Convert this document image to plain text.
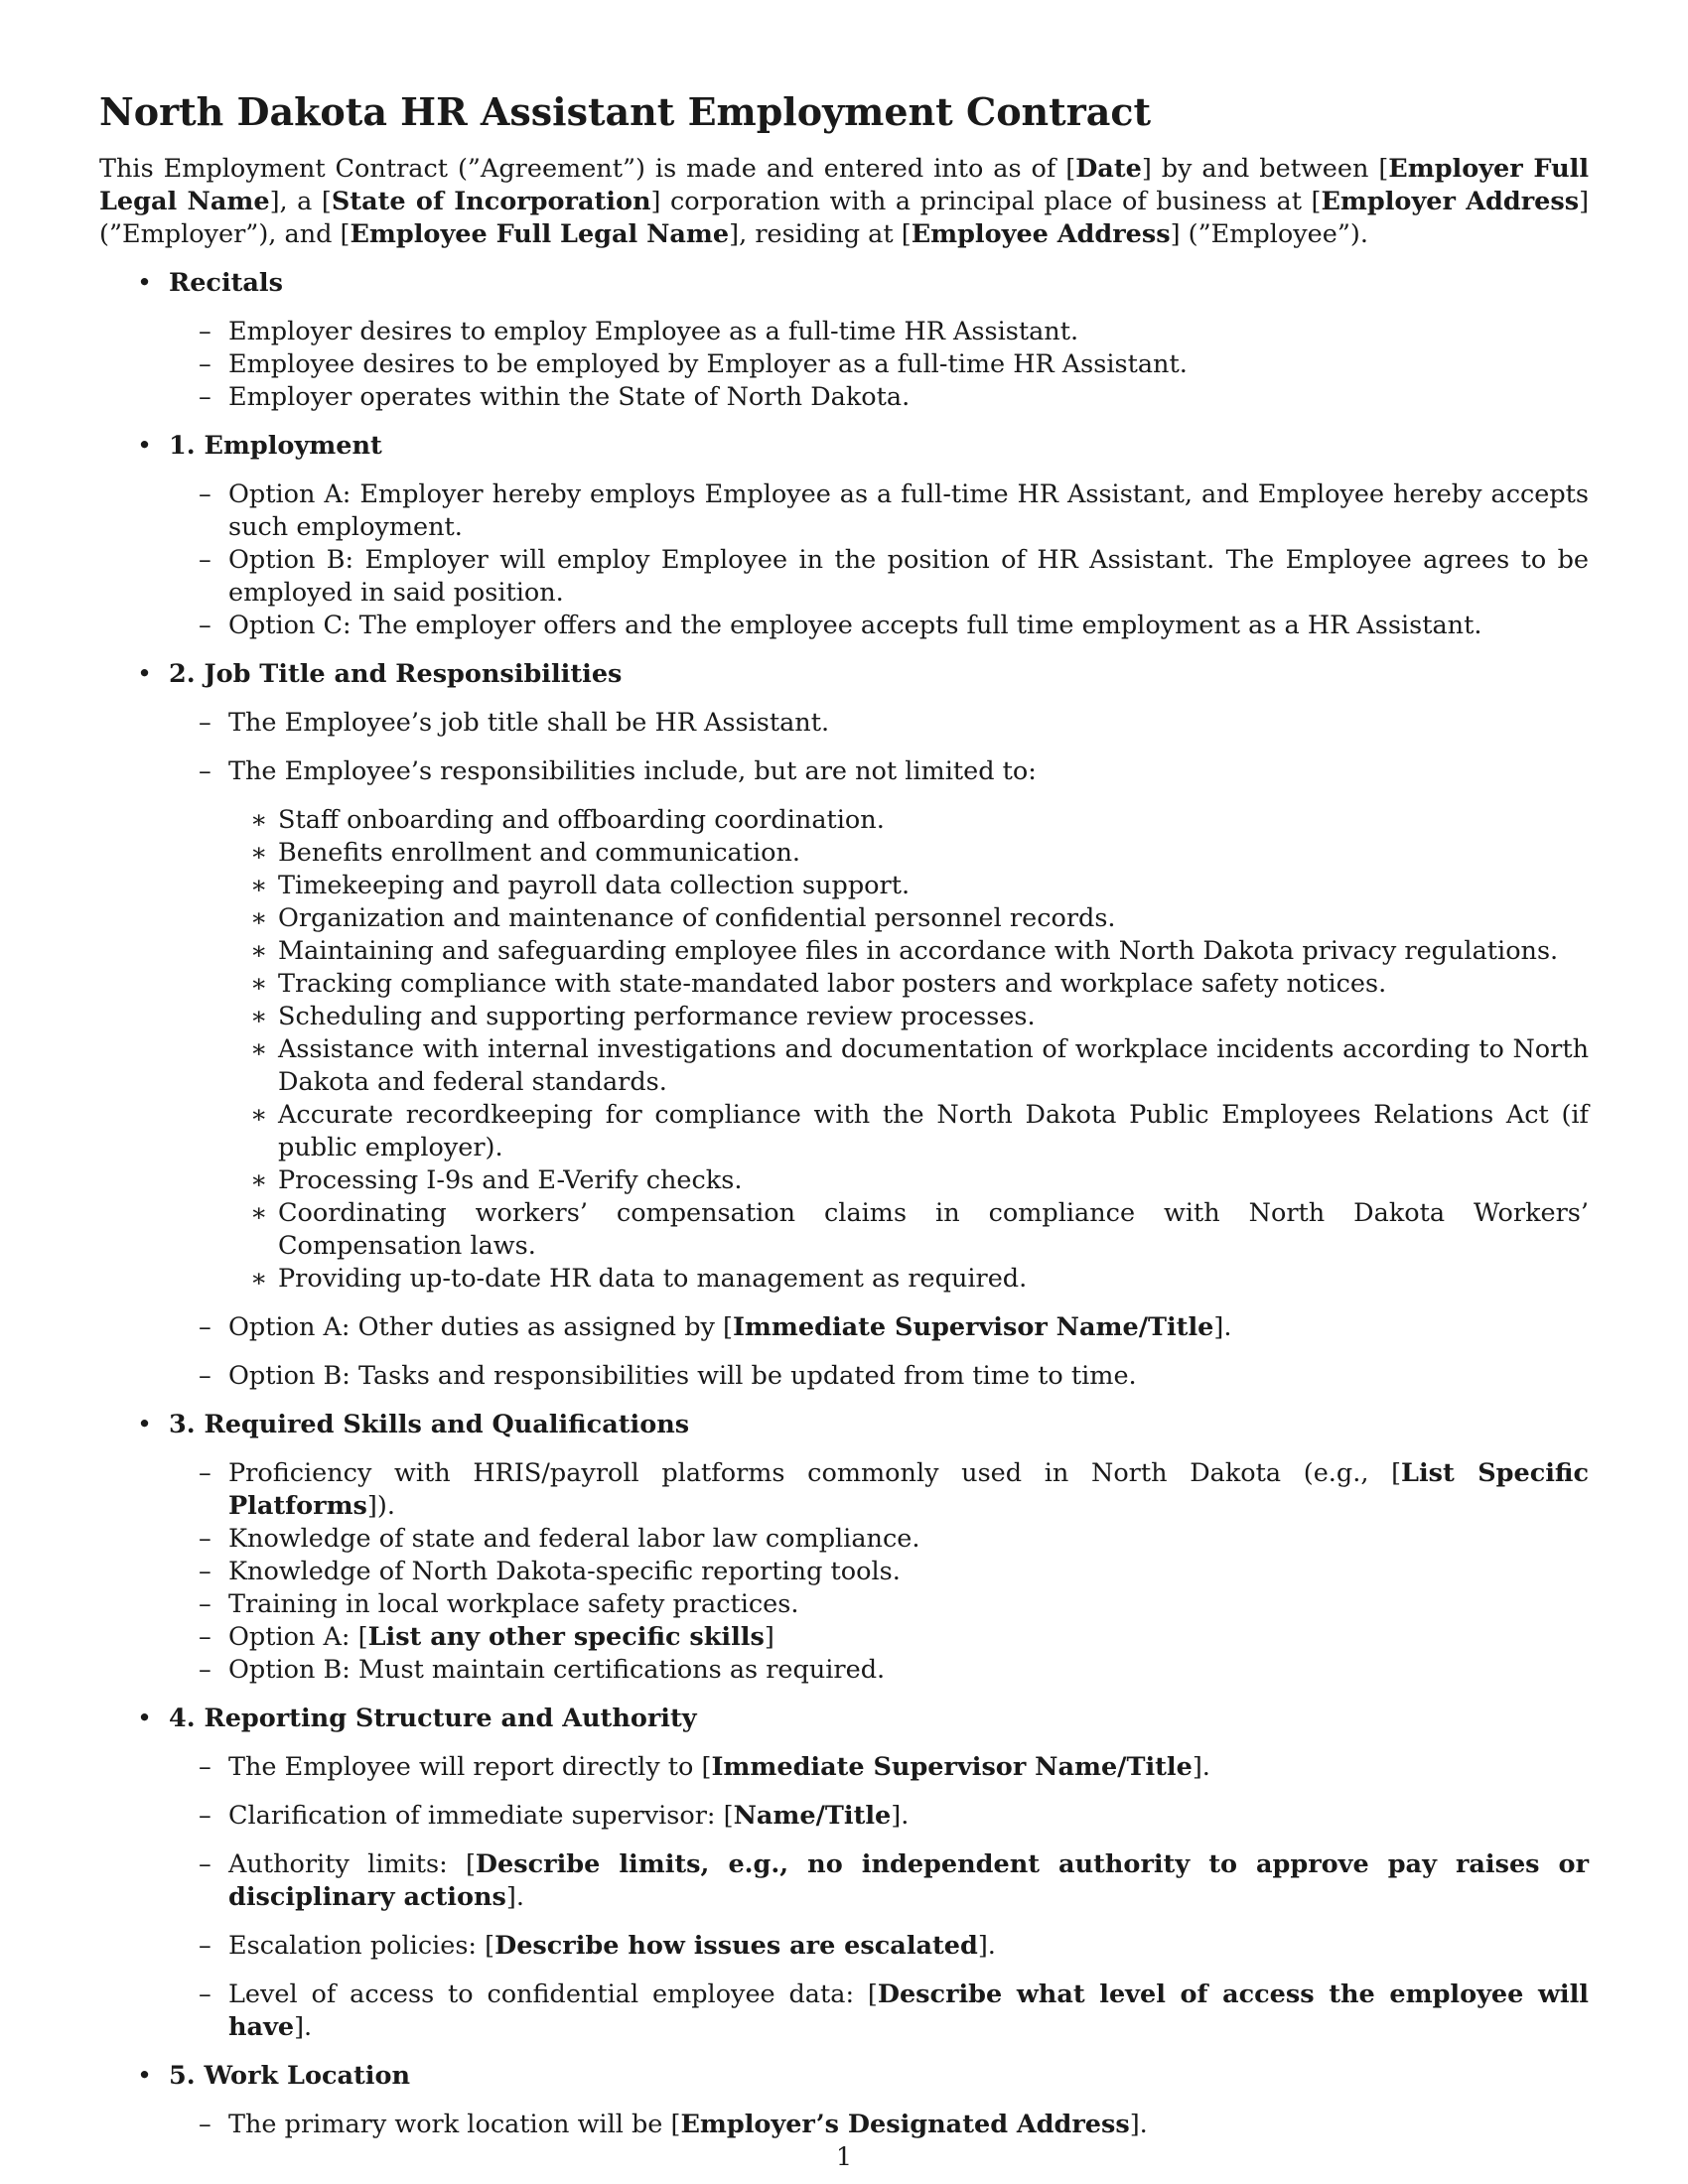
North Dakota HR Assistant Employment Contract

This Employment Contract (”Agreement”) is made and entered into as of [Date] by and between [Employer Full Legal Name], a [State of Incorporation] corporation with a principal place of business at [Employer Address] (”Employer”), and [Employee Full Legal Name], residing at [Employee Address] (”Employee”).

• Recitals
– Employer desires to employ Employee as a full-time HR Assistant.
– Employee desires to be employed by Employer as a full-time HR Assistant.
– Employer operates within the State of North Dakota.
• 1. Employment
– Option A: Employer hereby employs Employee as a full-time HR Assistant, and Employee hereby accepts such employment.
– Option B: Employer will employ Employee in the position of HR Assistant. The Employee agrees to be employed in said position.
– Option C: The employer offers and the employee accepts full time employment as a HR Assistant.
• 2. Job Title and Responsibilities
– The Employee’s job title shall be HR Assistant.
– The Employee’s responsibilities include, but are not limited to:
∗ Staff onboarding and offboarding coordination.
∗ Benefits enrollment and communication.
∗ Timekeeping and payroll data collection support.
∗ Organization and maintenance of confidential personnel records.
∗ Maintaining and safeguarding employee files in accordance with North Dakota privacy regulations.
∗ Tracking compliance with state-mandated labor posters and workplace safety notices.
∗ Scheduling and supporting performance review processes.
∗ Assistance with internal investigations and documentation of workplace incidents according to North Dakota and federal standards.
∗ Accurate recordkeeping for compliance with the North Dakota Public Employees Relations Act (if public employer).
∗ Processing I-9s and E-Verify checks.
∗ Coordinating workers’ compensation claims in compliance with North Dakota Workers’ Compensation laws.
∗ Providing up-to-date HR data to management as required.
– Option A: Other duties as assigned by [Immediate Supervisor Name/Title].
– Option B: Tasks and responsibilities will be updated from time to time.
• 3. Required Skills and Qualifications
– Proficiency with HRIS/payroll platforms commonly used in North Dakota (e.g., [List Specific Platforms]).
– Knowledge of state and federal labor law compliance.
– Knowledge of North Dakota-specific reporting tools.
– Training in local workplace safety practices.
– Option A: [List any other specific skills]
– Option B: Must maintain certifications as required.
• 4. Reporting Structure and Authority
– The Employee will report directly to [Immediate Supervisor Name/Title].
– Clarification of immediate supervisor: [Name/Title].
– Authority limits: [Describe limits, e.g., no independent authority to approve pay raises or disciplinary actions].
– Escalation policies: [Describe how issues are escalated].
– Level of access to confidential employee data: [Describe what level of access the employee will have].
• 5. Work Location
– The primary work location will be [Employer’s Designated Address].
1
